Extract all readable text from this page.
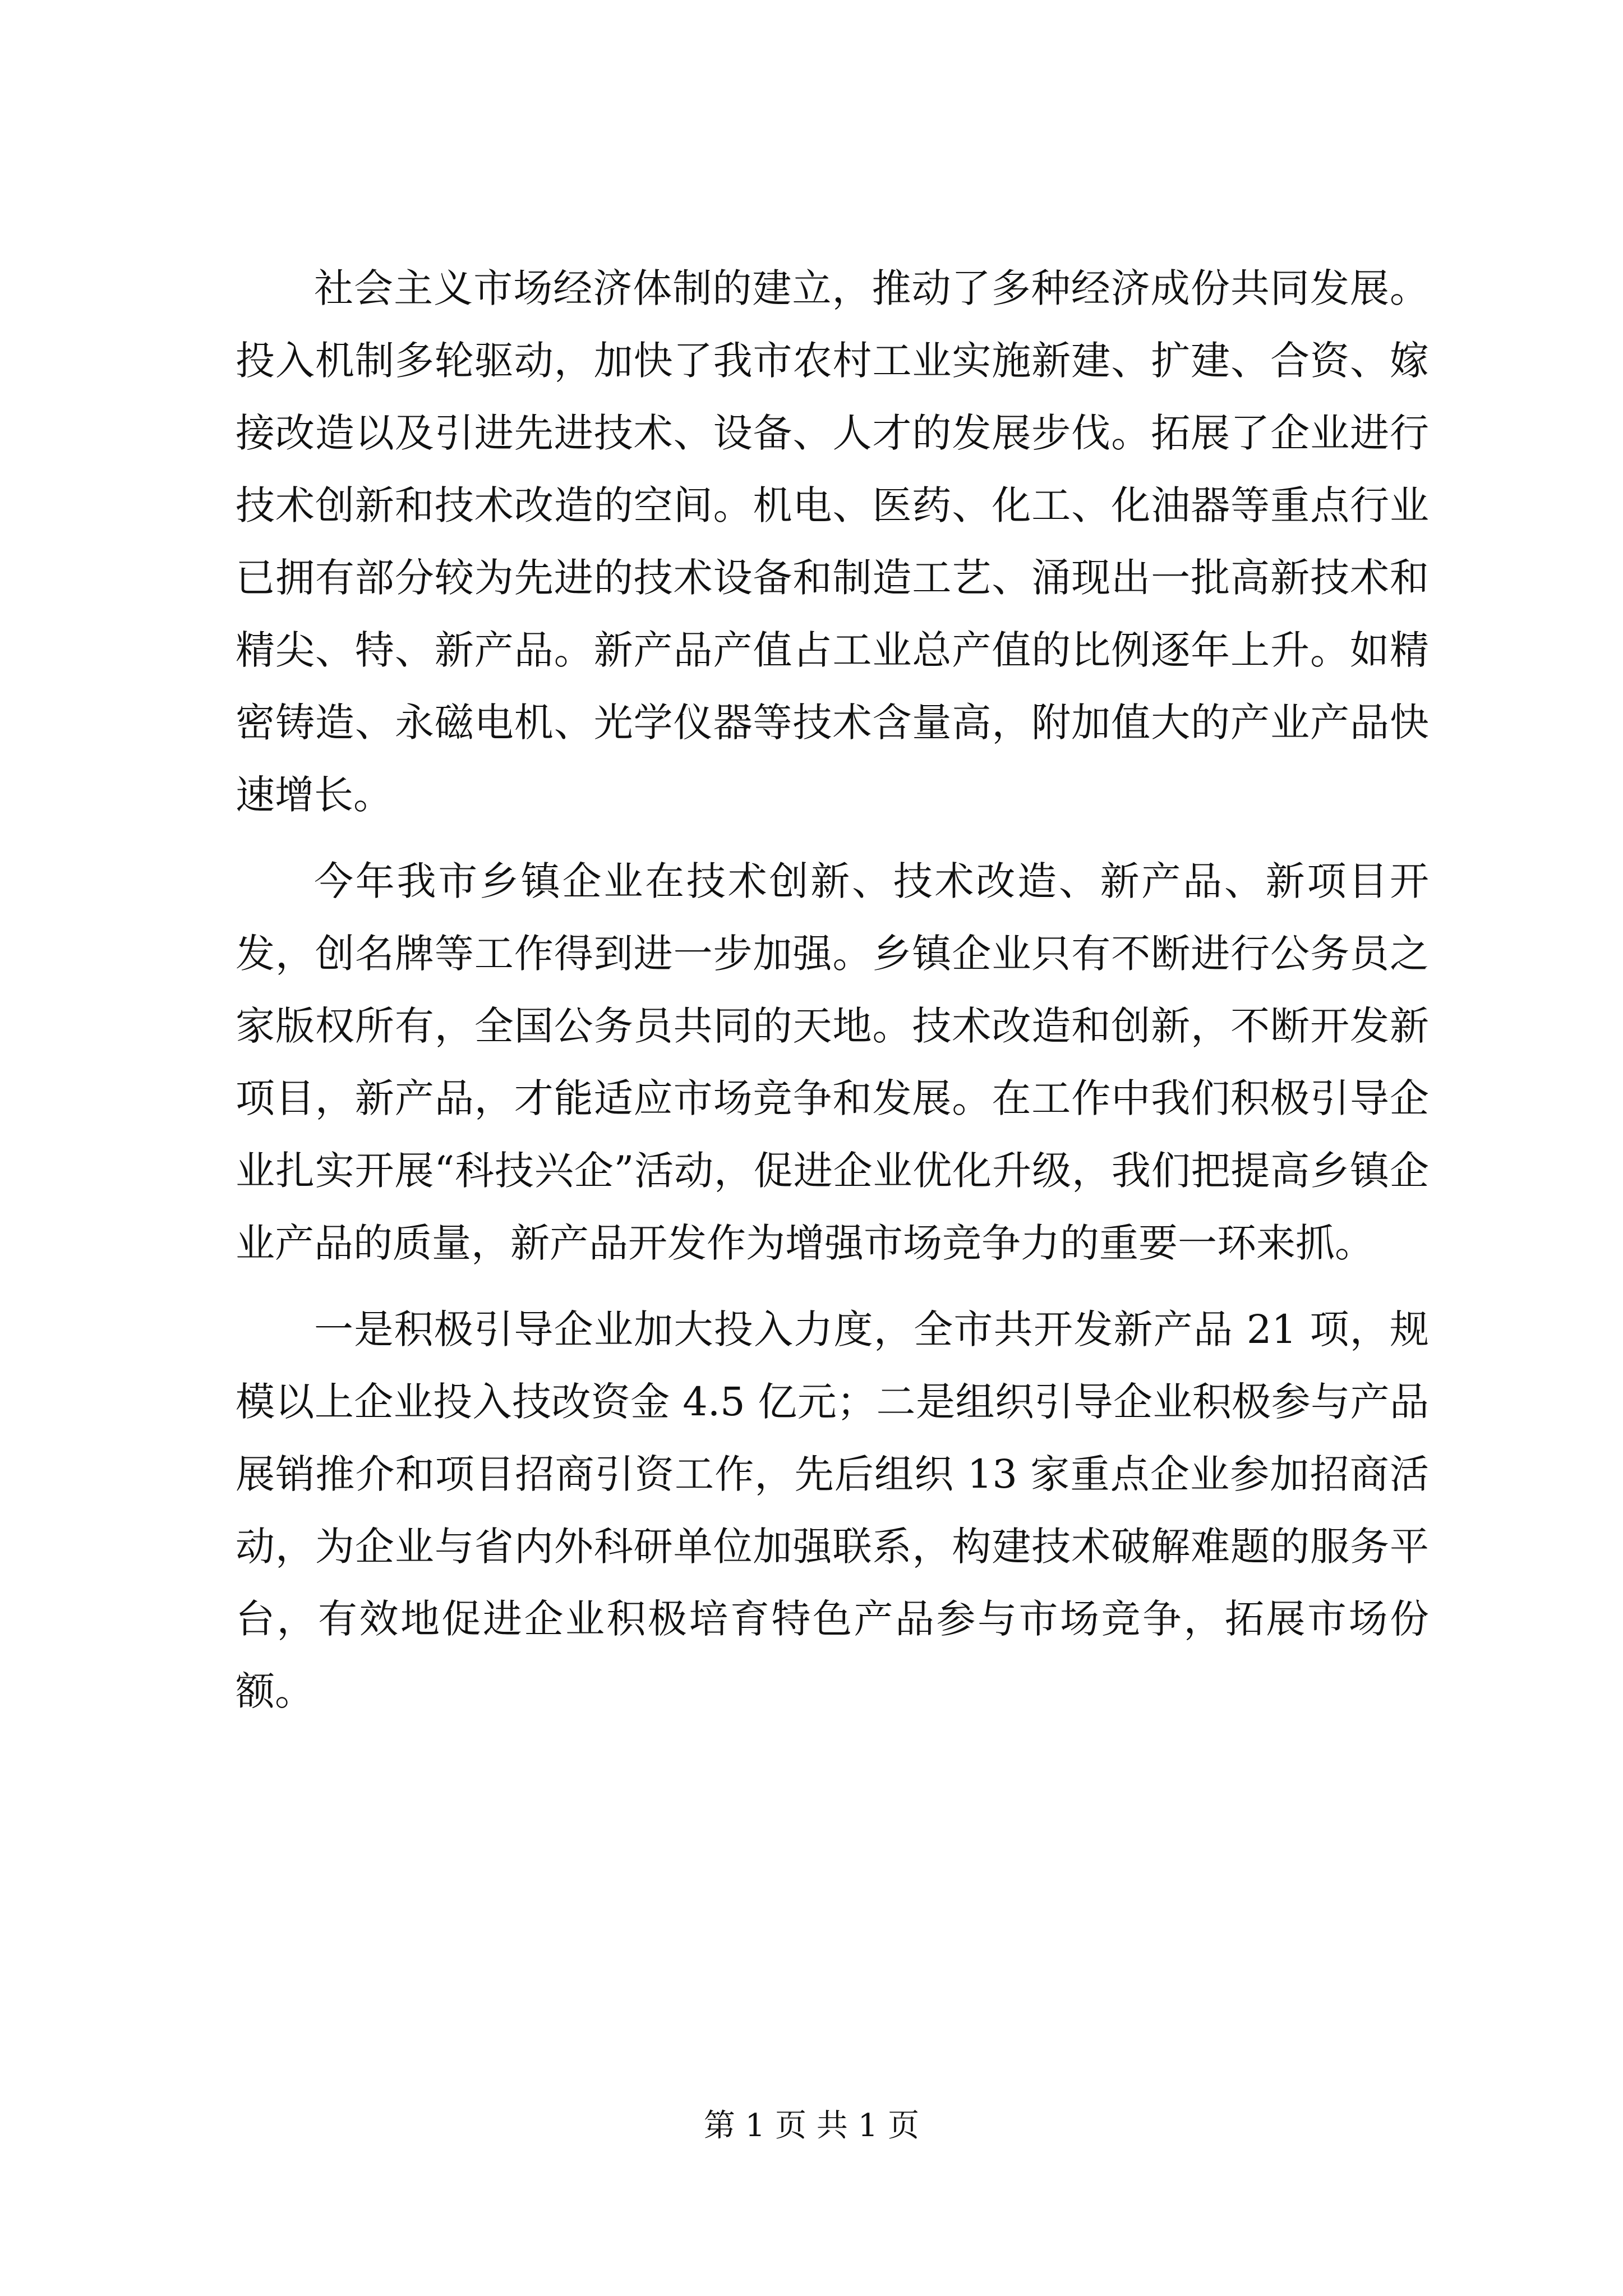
社会主义市场经济体制的建立，推动了多种经济成份共同发展。投入机制多轮驱动，加快了我市农村工业实施新建、扩建、合资、嫁接改造以及引进先进技术、设备、人才的发展步伐。拓展了企业进行技术创新和技术改造的空间。机电、医药、化工、化油器等重点行业已拥有部分较为先进的技术设备和制造工艺、涌现出一批高新技术和精尖、特、新产品。新产品产值占工业总产值的比例逐年上升。如精密铸造、永磁电机、光学仪器等技术含量高，附加值大的产业产品快速增长。

今年我市乡镇企业在技术创新、技术改造、新产品、新项目开发，创名牌等工作得到进一步加强。乡镇企业只有不断进行公务员之家版权所有，全国公务员共同的天地。技术改造和创新，不断开发新项目，新产品，才能适应市场竞争和发展。在工作中我们积极引导企业扎实开展“科技兴企”活动，促进企业优化升级，我们把提高乡镇企业产品的质量，新产品开发作为增强市场竞争力的重要一环来抓。

一是积极引导企业加大投入力度，全市共开发新产品 21 项，规模以上企业投入技改资金 4.5 亿元；二是组织引导企业积极参与产品展销推介和项目招商引资工作，先后组织 13 家重点企业参加招商活动，为企业与省内外科研单位加强联系，构建技术破解难题的服务平台，有效地促进企业积极培育特色产品参与市场竞争，拓展市场份额。

第 1 页 共 1 页
